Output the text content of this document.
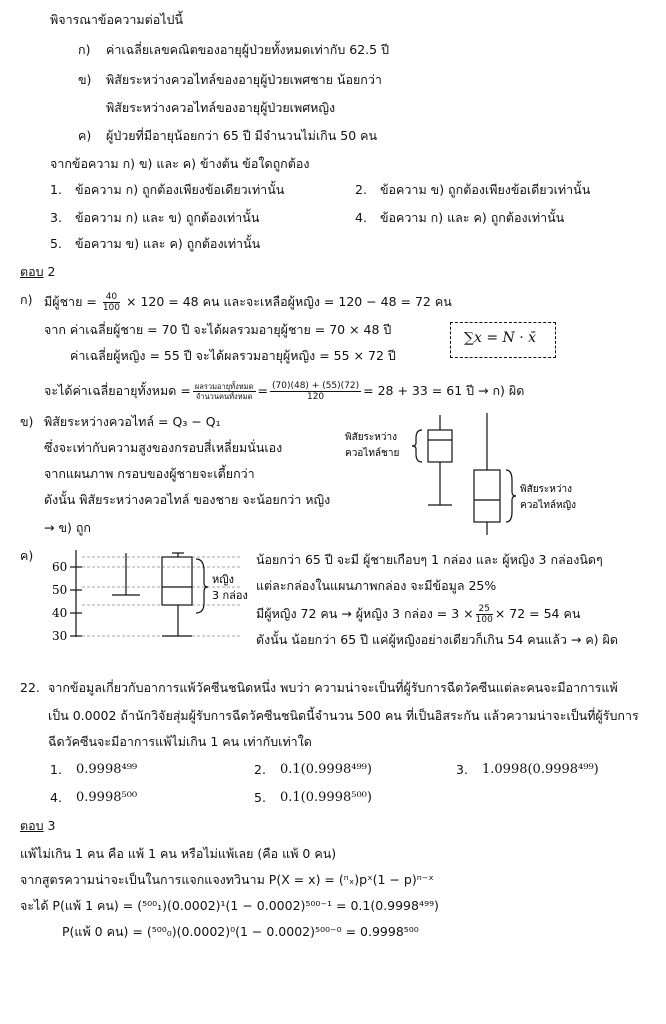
พิจารณาข้อความต่อไปนี้
ก) ค่าเฉลี่ยเลขคณิตของอายุผู้ป่วยทั้งหมดเท่ากับ 62.5 ปี
ข) พิสัยระหว่างควอไทล์ของอายุผู้ป่วยเพศชาย น้อยกว่า
พิสัยระหว่างควอไทล์ของอายุผู้ป่วยเพศหญิง
ค) ผู้ป่วยที่มีอายุน้อยกว่า 65 ปี มีจำนวนไม่เกิน 50 คน
จากข้อความ ก) ข) และ ค) ข้างต้น ข้อใดถูกต้อง
1. ข้อความ ก) ถูกต้องเพียงข้อเดียวเท่านั้น	2. ข้อความ ข) ถูกต้องเพียงข้อเดียวเท่านั้น
3. ข้อความ ก) และ ข) ถูกต้องเท่านั้น	4. ข้อความ ก) และ ค) ถูกต้องเท่านั้น
5. ข้อความ ข) และ ค) ถูกต้องเท่านั้น
ตอบ 2
ก) มีผู้ชาย = $\frac{40}{100} \times 120 = 48$ คน และจะเหลือผู้หญิง = 120 − 48 = 72 คน
จาก ค่าเฉลี่ยผู้ชาย = 70 ปี จะได้ผลรวมอายุผู้ชาย = 70 × 48 ปี
ค่าเฉลี่ยผู้หญิง = 55 ปี จะได้ผลรวมอายุผู้หญิง = 55 × 72 ปี
∑x = N · x̄
จะได้ค่าเฉลี่ยอายุทั้งหมด = $\frac{\text{ผลรวมอายุทั้งหมด}}{\text{จำนวนคนทั้งหมด}} = \frac{(70)(48) + (55)(72)}{120} = 28 + 33 = 61$ ปี → ก) ผิด
ข) พิสัยระหว่างควอไทล์ = Q₃ − Q₁
ซึ่งจะเท่ากับความสูงของกรอบสี่เหลี่ยมนั่นเอง
จากแผนภาพ กรอบของผู้ชายจะเตี้ยกว่า
ดังนั้น พิสัยระหว่างควอไทล์ ของชาย จะน้อยกว่า หญิง
→ ข) ถูก
พิสัยระหว่าง
ควอไทล์ชาย
พิสัยระหว่าง
ควอไทล์หญิง
ค)
60
50
40
30
หญิง
3 กล่อง
น้อยกว่า 65 ปี จะมี ผู้ชายเกือบๆ 1 กล่อง และ ผู้หญิง 3 กล่องนิดๆ
แต่ละกล่องในแผนภาพกล่อง จะมีข้อมูล 25%
มีผู้หญิง 72 คน → ผู้หญิง 3 กล่อง = $3 \times \frac{25}{100} \times 72 = 54$ คน
ดังนั้น น้อยกว่า 65 ปี แค่ผู้หญิงอย่างเดียวก็เกิน 54 คนแล้ว → ค) ผิด
22. จากข้อมูลเกี่ยวกับอาการแพ้วัคซีนชนิดหนึ่ง พบว่า ความน่าจะเป็นที่ผู้รับการฉีดวัคซีนแต่ละคนจะมีอาการแพ้
เป็น 0.0002 ถ้านักวิจัยสุ่มผู้รับการฉีดวัคซีนชนิดนี้จำนวน 500 คน ที่เป็นอิสระกัน แล้วความน่าจะเป็นที่ผู้รับการ
ฉีดวัคซีนจะมีอาการแพ้ไม่เกิน 1 คน เท่ากับเท่าใด
1. 0.9998⁴⁹⁹	2. 0.1(0.9998⁴⁹⁹)	3. 1.0998(0.9998⁴⁹⁹)
4. 0.9998⁵⁰⁰	5. 0.1(0.9998⁵⁰⁰)
ตอบ 3
แพ้ไม่เกิน 1 คน คือ แพ้ 1 คน หรือไม่แพ้เลย (คือ แพ้ 0 คน)
จากสูตรความน่าจะเป็นในการแจกแจงทวินาม P(X = x) = (ⁿₓ)pˣ(1 − p)ⁿ⁻ˣ
จะได้ P(แพ้ 1 คน) = (⁵⁰⁰₁)(0.0002)¹(1 − 0.0002)⁵⁰⁰⁻¹ = 0.1(0.9998⁴⁹⁹)
P(แพ้ 0 คน) = (⁵⁰⁰₀)(0.0002)⁰(1 − 0.0002)⁵⁰⁰⁻⁰ = 0.9998⁵⁰⁰
